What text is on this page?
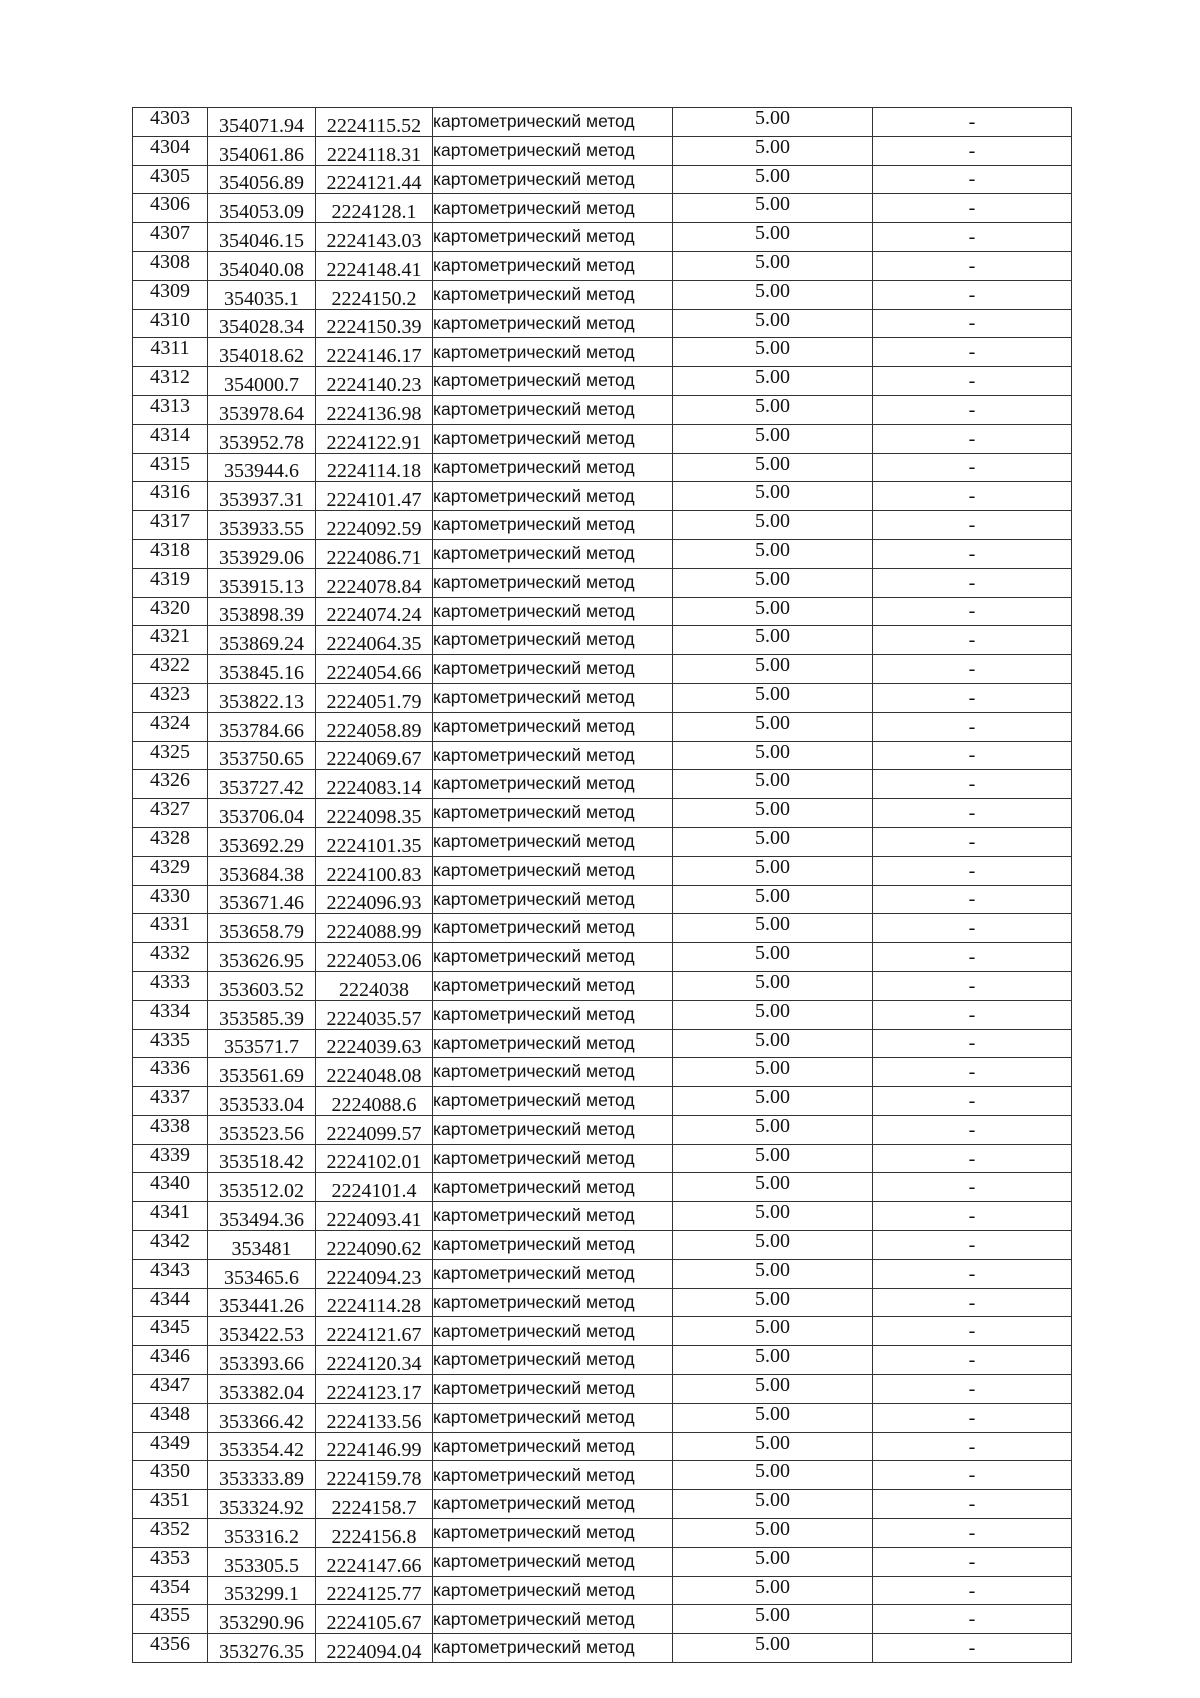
4303	354071.94	2224115.52	картометрический метод	5.00	-
4304	354061.86	2224118.31	картометрический метод	5.00	-
4305	354056.89	2224121.44	картометрический метод	5.00	-
4306	354053.09	2224128.1	картометрический метод	5.00	-
4307	354046.15	2224143.03	картометрический метод	5.00	-
4308	354040.08	2224148.41	картометрический метод	5.00	-
4309	354035.1	2224150.2	картометрический метод	5.00	-
4310	354028.34	2224150.39	картометрический метод	5.00	-
4311	354018.62	2224146.17	картометрический метод	5.00	-
4312	354000.7	2224140.23	картометрический метод	5.00	-
4313	353978.64	2224136.98	картометрический метод	5.00	-
4314	353952.78	2224122.91	картометрический метод	5.00	-
4315	353944.6	2224114.18	картометрический метод	5.00	-
4316	353937.31	2224101.47	картометрический метод	5.00	-
4317	353933.55	2224092.59	картометрический метод	5.00	-
4318	353929.06	2224086.71	картометрический метод	5.00	-
4319	353915.13	2224078.84	картометрический метод	5.00	-
4320	353898.39	2224074.24	картометрический метод	5.00	-
4321	353869.24	2224064.35	картометрический метод	5.00	-
4322	353845.16	2224054.66	картометрический метод	5.00	-
4323	353822.13	2224051.79	картометрический метод	5.00	-
4324	353784.66	2224058.89	картометрический метод	5.00	-
4325	353750.65	2224069.67	картометрический метод	5.00	-
4326	353727.42	2224083.14	картометрический метод	5.00	-
4327	353706.04	2224098.35	картометрический метод	5.00	-
4328	353692.29	2224101.35	картометрический метод	5.00	-
4329	353684.38	2224100.83	картометрический метод	5.00	-
4330	353671.46	2224096.93	картометрический метод	5.00	-
4331	353658.79	2224088.99	картометрический метод	5.00	-
4332	353626.95	2224053.06	картометрический метод	5.00	-
4333	353603.52	2224038	картометрический метод	5.00	-
4334	353585.39	2224035.57	картометрический метод	5.00	-
4335	353571.7	2224039.63	картометрический метод	5.00	-
4336	353561.69	2224048.08	картометрический метод	5.00	-
4337	353533.04	2224088.6	картометрический метод	5.00	-
4338	353523.56	2224099.57	картометрический метод	5.00	-
4339	353518.42	2224102.01	картометрический метод	5.00	-
4340	353512.02	2224101.4	картометрический метод	5.00	-
4341	353494.36	2224093.41	картометрический метод	5.00	-
4342	353481	2224090.62	картометрический метод	5.00	-
4343	353465.6	2224094.23	картометрический метод	5.00	-
4344	353441.26	2224114.28	картометрический метод	5.00	-
4345	353422.53	2224121.67	картометрический метод	5.00	-
4346	353393.66	2224120.34	картометрический метод	5.00	-
4347	353382.04	2224123.17	картометрический метод	5.00	-
4348	353366.42	2224133.56	картометрический метод	5.00	-
4349	353354.42	2224146.99	картометрический метод	5.00	-
4350	353333.89	2224159.78	картометрический метод	5.00	-
4351	353324.92	2224158.7	картометрический метод	5.00	-
4352	353316.2	2224156.8	картометрический метод	5.00	-
4353	353305.5	2224147.66	картометрический метод	5.00	-
4354	353299.1	2224125.77	картометрический метод	5.00	-
4355	353290.96	2224105.67	картометрический метод	5.00	-
4356	353276.35	2224094.04	картометрический метод	5.00	-
